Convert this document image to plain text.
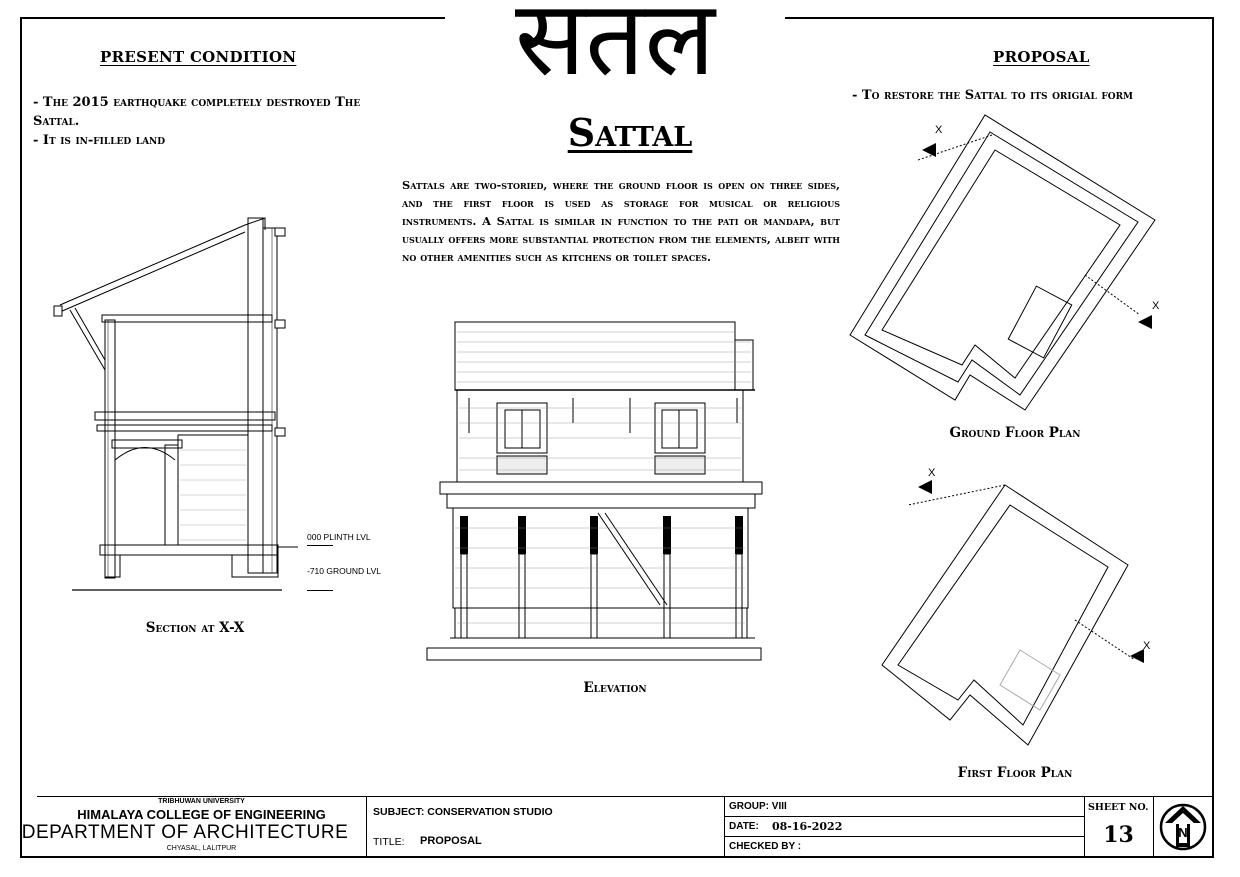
सतल
Sattal
PRESENT CONDITION
- The 2015 earthquake completely destroyed The Sattal.
- It is in-filled land
Sattals are two-storied, where the ground floor is open on three sides, and the first floor is used as storage for musical or religious instruments. A Sattal is similar in function to the pati or mandapa, but usually offers more substantial protection from the elements, albeit with no other amenities such as kitchens or toilet spaces.
PROPOSAL
- To restore the Sattal to its origial form
000 PLINTH LVL
-710 GROUND LVL
Section at X-X
Elevation
X
X
Ground Floor Plan
X
X
First Floor Plan
TRIBHUWAN UNIVERSITY
HIMALAYA COLLEGE OF ENGINEERING
DEPARTMENT OF ARCHITECTURE
CHYASAL, LALITPUR
SUBJECT: CONSERVATION STUDIO
TITLE: PROPOSAL
GROUP: VIII
DATE: 08-16-2022
CHECKED BY :
SHEET NO.
13	N
